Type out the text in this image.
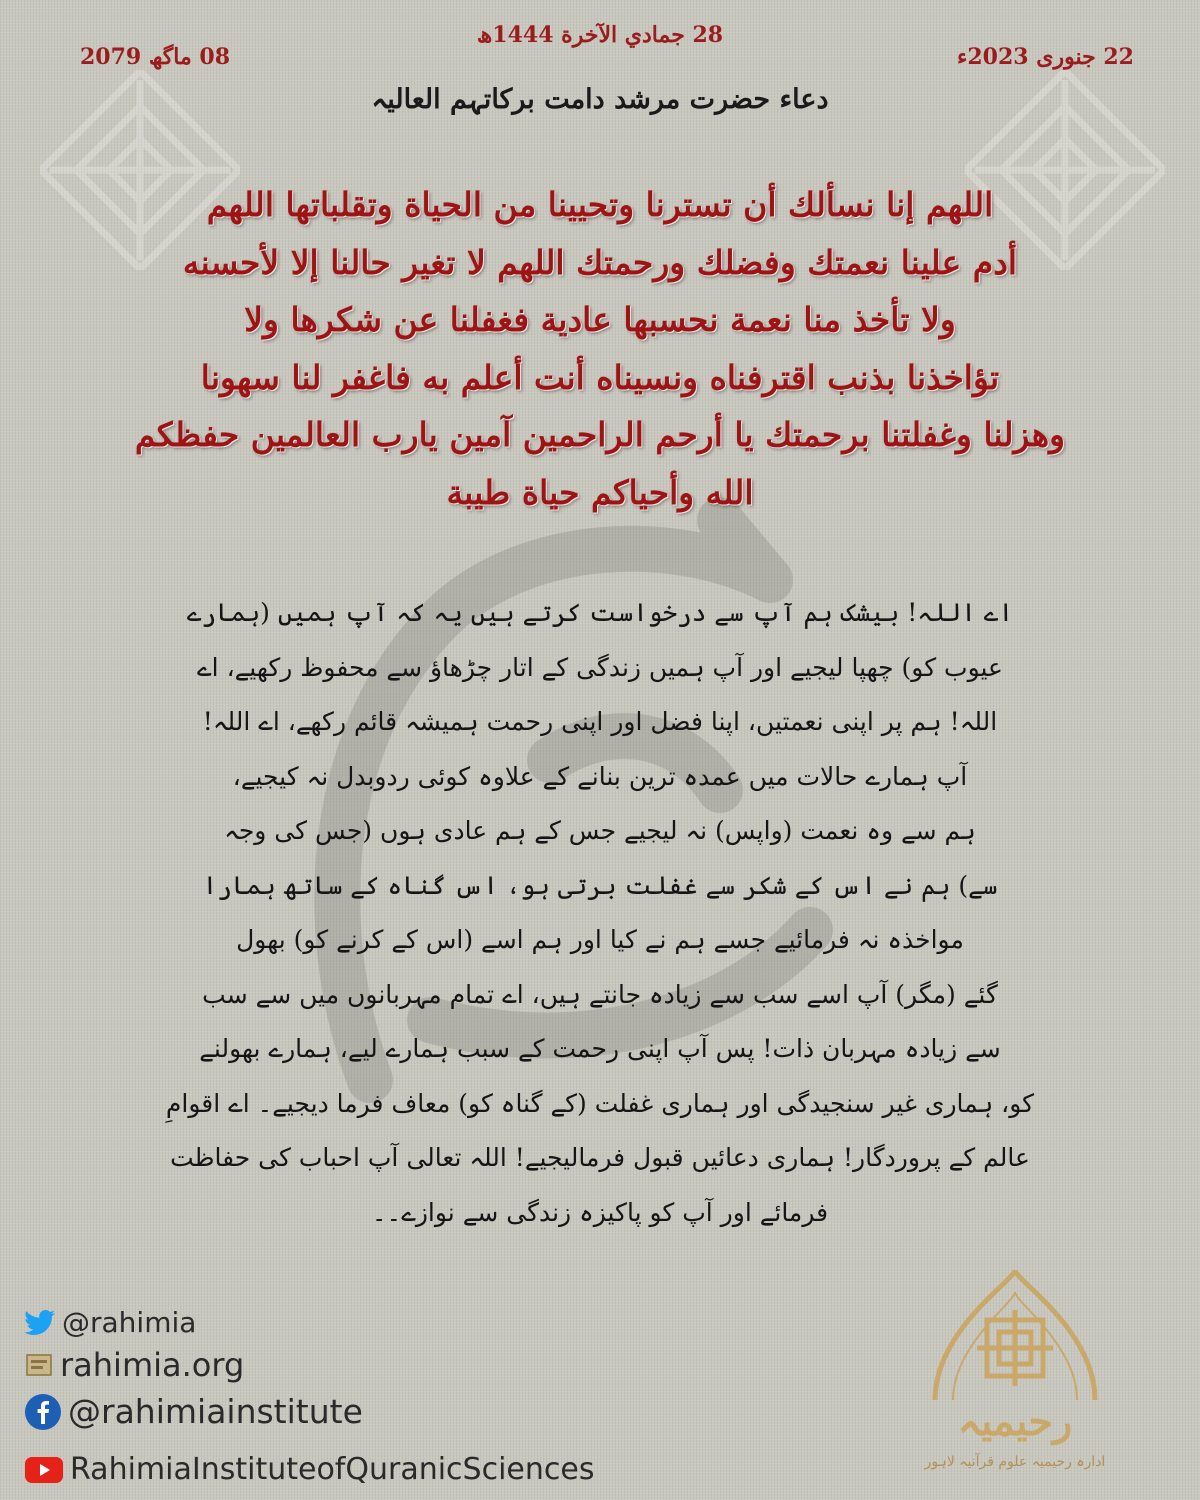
28 جمادي الآخرة 1444ھ
08 ماگھ 2079	22 جنوری 2023ء
دعاء حضرت مرشد دامت برکاتہم العالیہ
اللهم إنا نسألك أن تسترنا وتحيينا من الحياة وتقلباتها اللهم
أدم علينا نعمتك وفضلك ورحمتك اللهم لا تغير حالنا إلا لأحسنه
ولا تأخذ منا نعمة نحسبها عادية فغفلنا عن شكرها ولا
تؤاخذنا بذنب اقترفناه ونسيناه أنت أعلم به فاغفر لنا سهونا
وهزلنا وغفلتنا برحمتك يا أرحم الراحمين آمين يارب العالمين حفظكم
الله وأحياكم حياة طيبة
اے اللہ! بیشک ہم آپ سے درخواست کرتے ہیں یہ کہ آپ ہمیں (ہمارے
عیوب کو) چھپا لیجیے اور آپ ہمیں زندگی کے اتار چڑھاؤ سے محفوظ رکھیے، اے
اللہ! ہم پر اپنی نعمتیں، اپنا فضل اور اپنی رحمت ہمیشہ قائم رکھے، اے اللہ!
آپ ہمارے حالات میں عمدہ ترین بنانے کے علاوہ کوئی ردوبدل نہ کیجیے،
ہم سے وہ نعمت (واپس) نہ لیجیے جس کے ہم عادی ہوں (جس کی وجہ
سے) ہم نے اس کے شکر سے غفلت برتی ہو، اس گناہ کے ساتھ ہمارا
مواخذہ نہ فرمائیے جسے ہم نے کیا اور ہم اسے (اس کے کرنے کو) بھول
گئے (مگر) آپ اسے سب سے زیادہ جانتے ہیں، اے تمام مہربانوں میں سے سب
سے زیادہ مہربان ذات! پس آپ اپنی رحمت کے سبب ہمارے لیے، ہمارے بھولنے
کو، ہماری غیر سنجیدگی اور ہماری غفلت (کے گناہ کو) معاف فرما دیجیے۔ اے اقوامِ
عالم کے پروردگار! ہماری دعائیں قبول فرمالیجیے! اللہ تعالی آپ احباب کی حفاظت
فرمائے اور آپ کو پاکیزہ زندگی سے نوازے۔۔
@rahimia
rahimia.org
@rahimiainstitute
RahimiaInstituteofQuranicSciences
رحیمیہ
ادارہ رحیمیہ علوم قرآنیہ لاہور
